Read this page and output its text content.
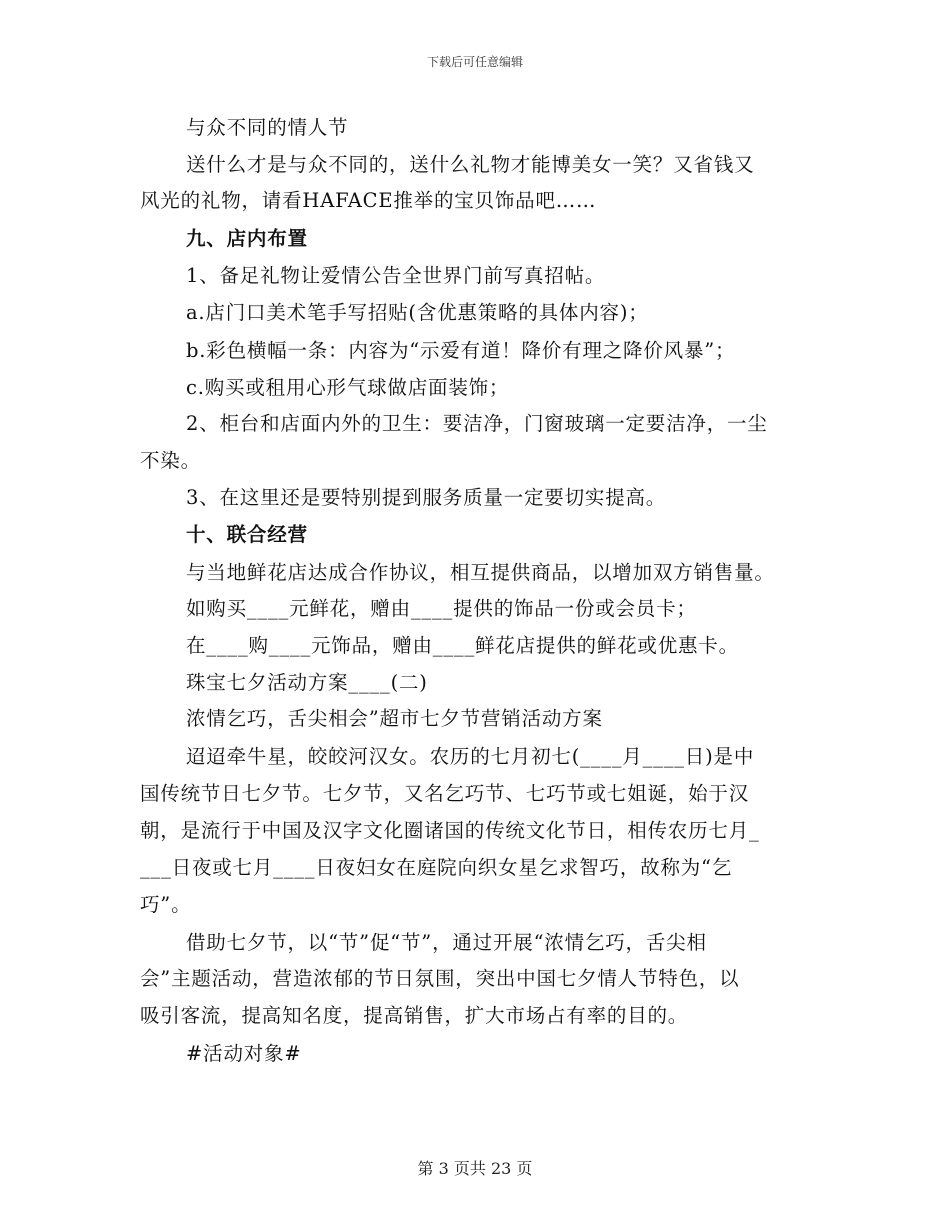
下载后可任意编辑
与众不同的情人节
送什么才是与众不同的，送什么礼物才能博美女一笑？又省钱又
风光的礼物，请看HAFACE推举的宝贝饰品吧……
九、店内布置
1、备足礼物让爱情公告全世界门前写真招帖。
a.店门口美术笔手写招贴(含优惠策略的具体内容)；
b.彩色横幅一条：内容为“示爱有道！降价有理之降价风暴”；
c.购买或租用心形气球做店面装饰；
2、柜台和店面内外的卫生：要洁净，门窗玻璃一定要洁净，一尘
不染。
3、在这里还是要特别提到服务质量一定要切实提高。
十、联合经营
与当地鲜花店达成合作协议，相互提供商品，以增加双方销售量。
如购买____元鲜花，赠由____提供的饰品一份或会员卡；
在____购____元饰品，赠由____鲜花店提供的鲜花或优惠卡。
珠宝七夕活动方案____(二)
浓情乞巧，舌尖相会”超市七夕节营销活动方案
迢迢牵牛星，皎皎河汉女。农历的七月初七(____月____日)是中
国传统节日七夕节。七夕节，又名乞巧节、七巧节或七姐诞，始于汉
朝，是流行于中国及汉字文化圈诸国的传统文化节日，相传农历七月_
___日夜或七月____日夜妇女在庭院向织女星乞求智巧，故称为“乞
巧”。
借助七夕节，以“节”促“节”，通过开展“浓情乞巧，舌尖相
会”主题活动，营造浓郁的节日氛围，突出中国七夕情人节特色，以
吸引客流，提高知名度，提高销售，扩大市场占有率的目的。
#活动对象#
第 3 页共 23 页
